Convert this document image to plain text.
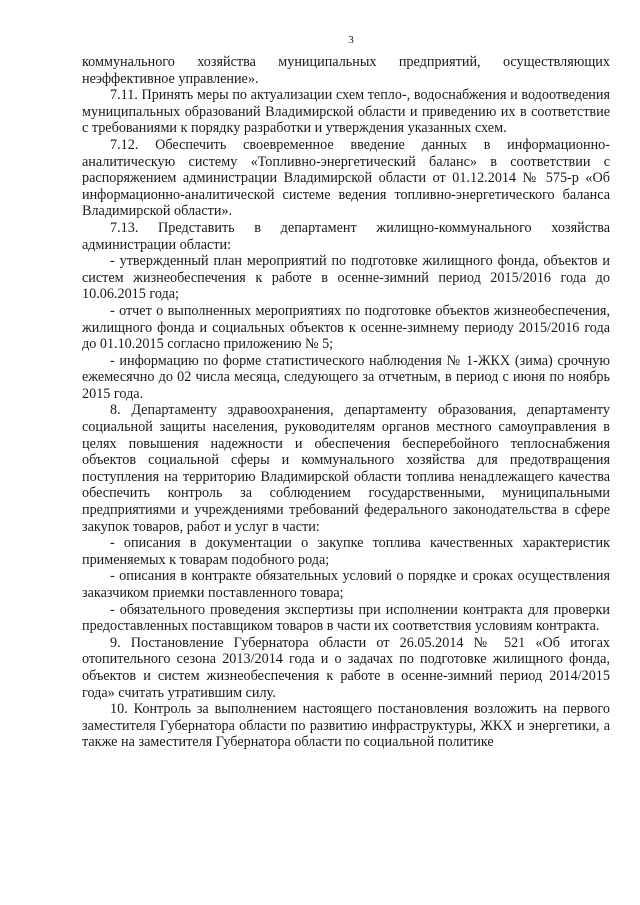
3

коммунального хозяйства муниципальных предприятий, осуществляющих неэффективное управление».

7.11. Принять меры по актуализации схем тепло-, водоснабжения и водоотведения муниципальных образований Владимирской области и приведению их в соответствие с требованиями к порядку разработки и утверждения указанных схем.

7.12. Обеспечить своевременное введение данных в информационно-аналитическую систему «Топливно-энергетический баланс» в соответствии с распоряжением администрации Владимирской области от 01.12.2014 № 575-р «Об информационно-аналитической системе ведения топливно-энергетического баланса Владимирской области».

7.13. Представить в департамент жилищно-коммунального хозяйства администрации области:

- утвержденный план мероприятий по подготовке жилищного фонда, объектов и систем жизнеобеспечения к работе в осенне-зимний период 2015/2016 года до 10.06.2015 года;

- отчет о выполненных мероприятиях по подготовке объектов жизнеобеспечения, жилищного фонда и социальных объектов к осенне-зимнему периоду 2015/2016 года до 01.10.2015 согласно приложению № 5;

- информацию по форме статистического наблюдения № 1-ЖКХ (зима) срочную ежемесячно до 02 числа месяца, следующего за отчетным, в период с июня по ноябрь 2015 года.

8. Департаменту здравоохранения, департаменту образования, департаменту социальной защиты населения, руководителям органов местного самоуправления в целях повышения надежности и обеспечения бесперебойного теплоснабжения объектов социальной сферы и коммунального хозяйства для предотвращения поступления на территорию Владимирской области топлива ненадлежащего качества обеспечить контроль за соблюдением государственными, муниципальными предприятиями и учреждениями требований федерального законодательства в сфере закупок товаров, работ и услуг в части:

- описания в документации о закупке топлива качественных характеристик применяемых к товарам подобного рода;

- описания в контракте обязательных условий о порядке и сроках осуществления заказчиком приемки поставленного товара;

- обязательного проведения экспертизы при исполнении контракта для проверки предоставленных поставщиком товаров в части их соответствия условиям контракта.

9. Постановление Губернатора области от 26.05.2014 № 521 «Об итогах отопительного сезона 2013/2014 года и о задачах по подготовке жилищного фонда, объектов и систем жизнеобеспечения к работе в осенне-зимний период 2014/2015 года» считать утратившим силу.

10. Контроль за выполнением настоящего постановления возложить на первого заместителя Губернатора области по развитию инфраструктуры, ЖКХ и энергетики, а также на заместителя Губернатора области по социальной политике
